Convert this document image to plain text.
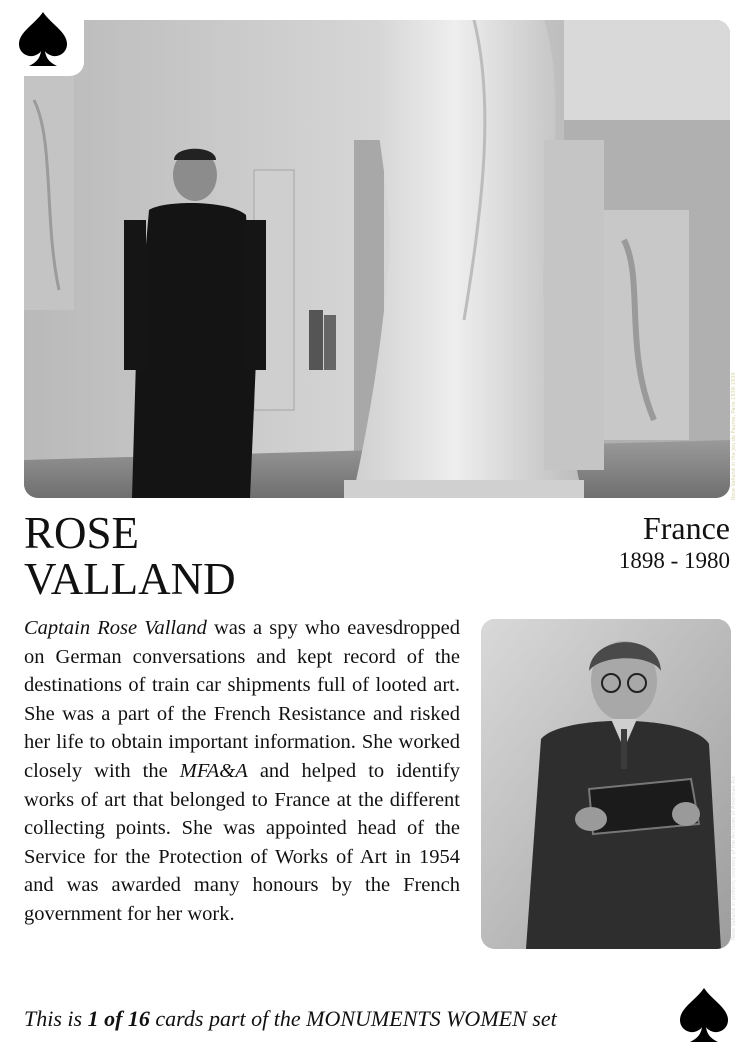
Rose Valland in the Jeu de Paume, Paris 1938-1939
ROSE
VALLAND
France
1898 - 1980

Captain Rose Valland was a spy who eavesdropped on German conversations and kept record of the destinations of train car shipments full of looted art. She was a part of the French Resistance and risked her life to obtain important information. She worked closely with the MFA&A and helped to identify works of art that belonged to France at the different collecting points. She was appointed head of the Service for the Protection of Works of Art in 1954 and was awarded many honours by the French government for her work.	Rose Valland in uniform, courtesy of the Archives of American Art
This is 1 of 16 cards part of the MONUMENTS WOMEN set
